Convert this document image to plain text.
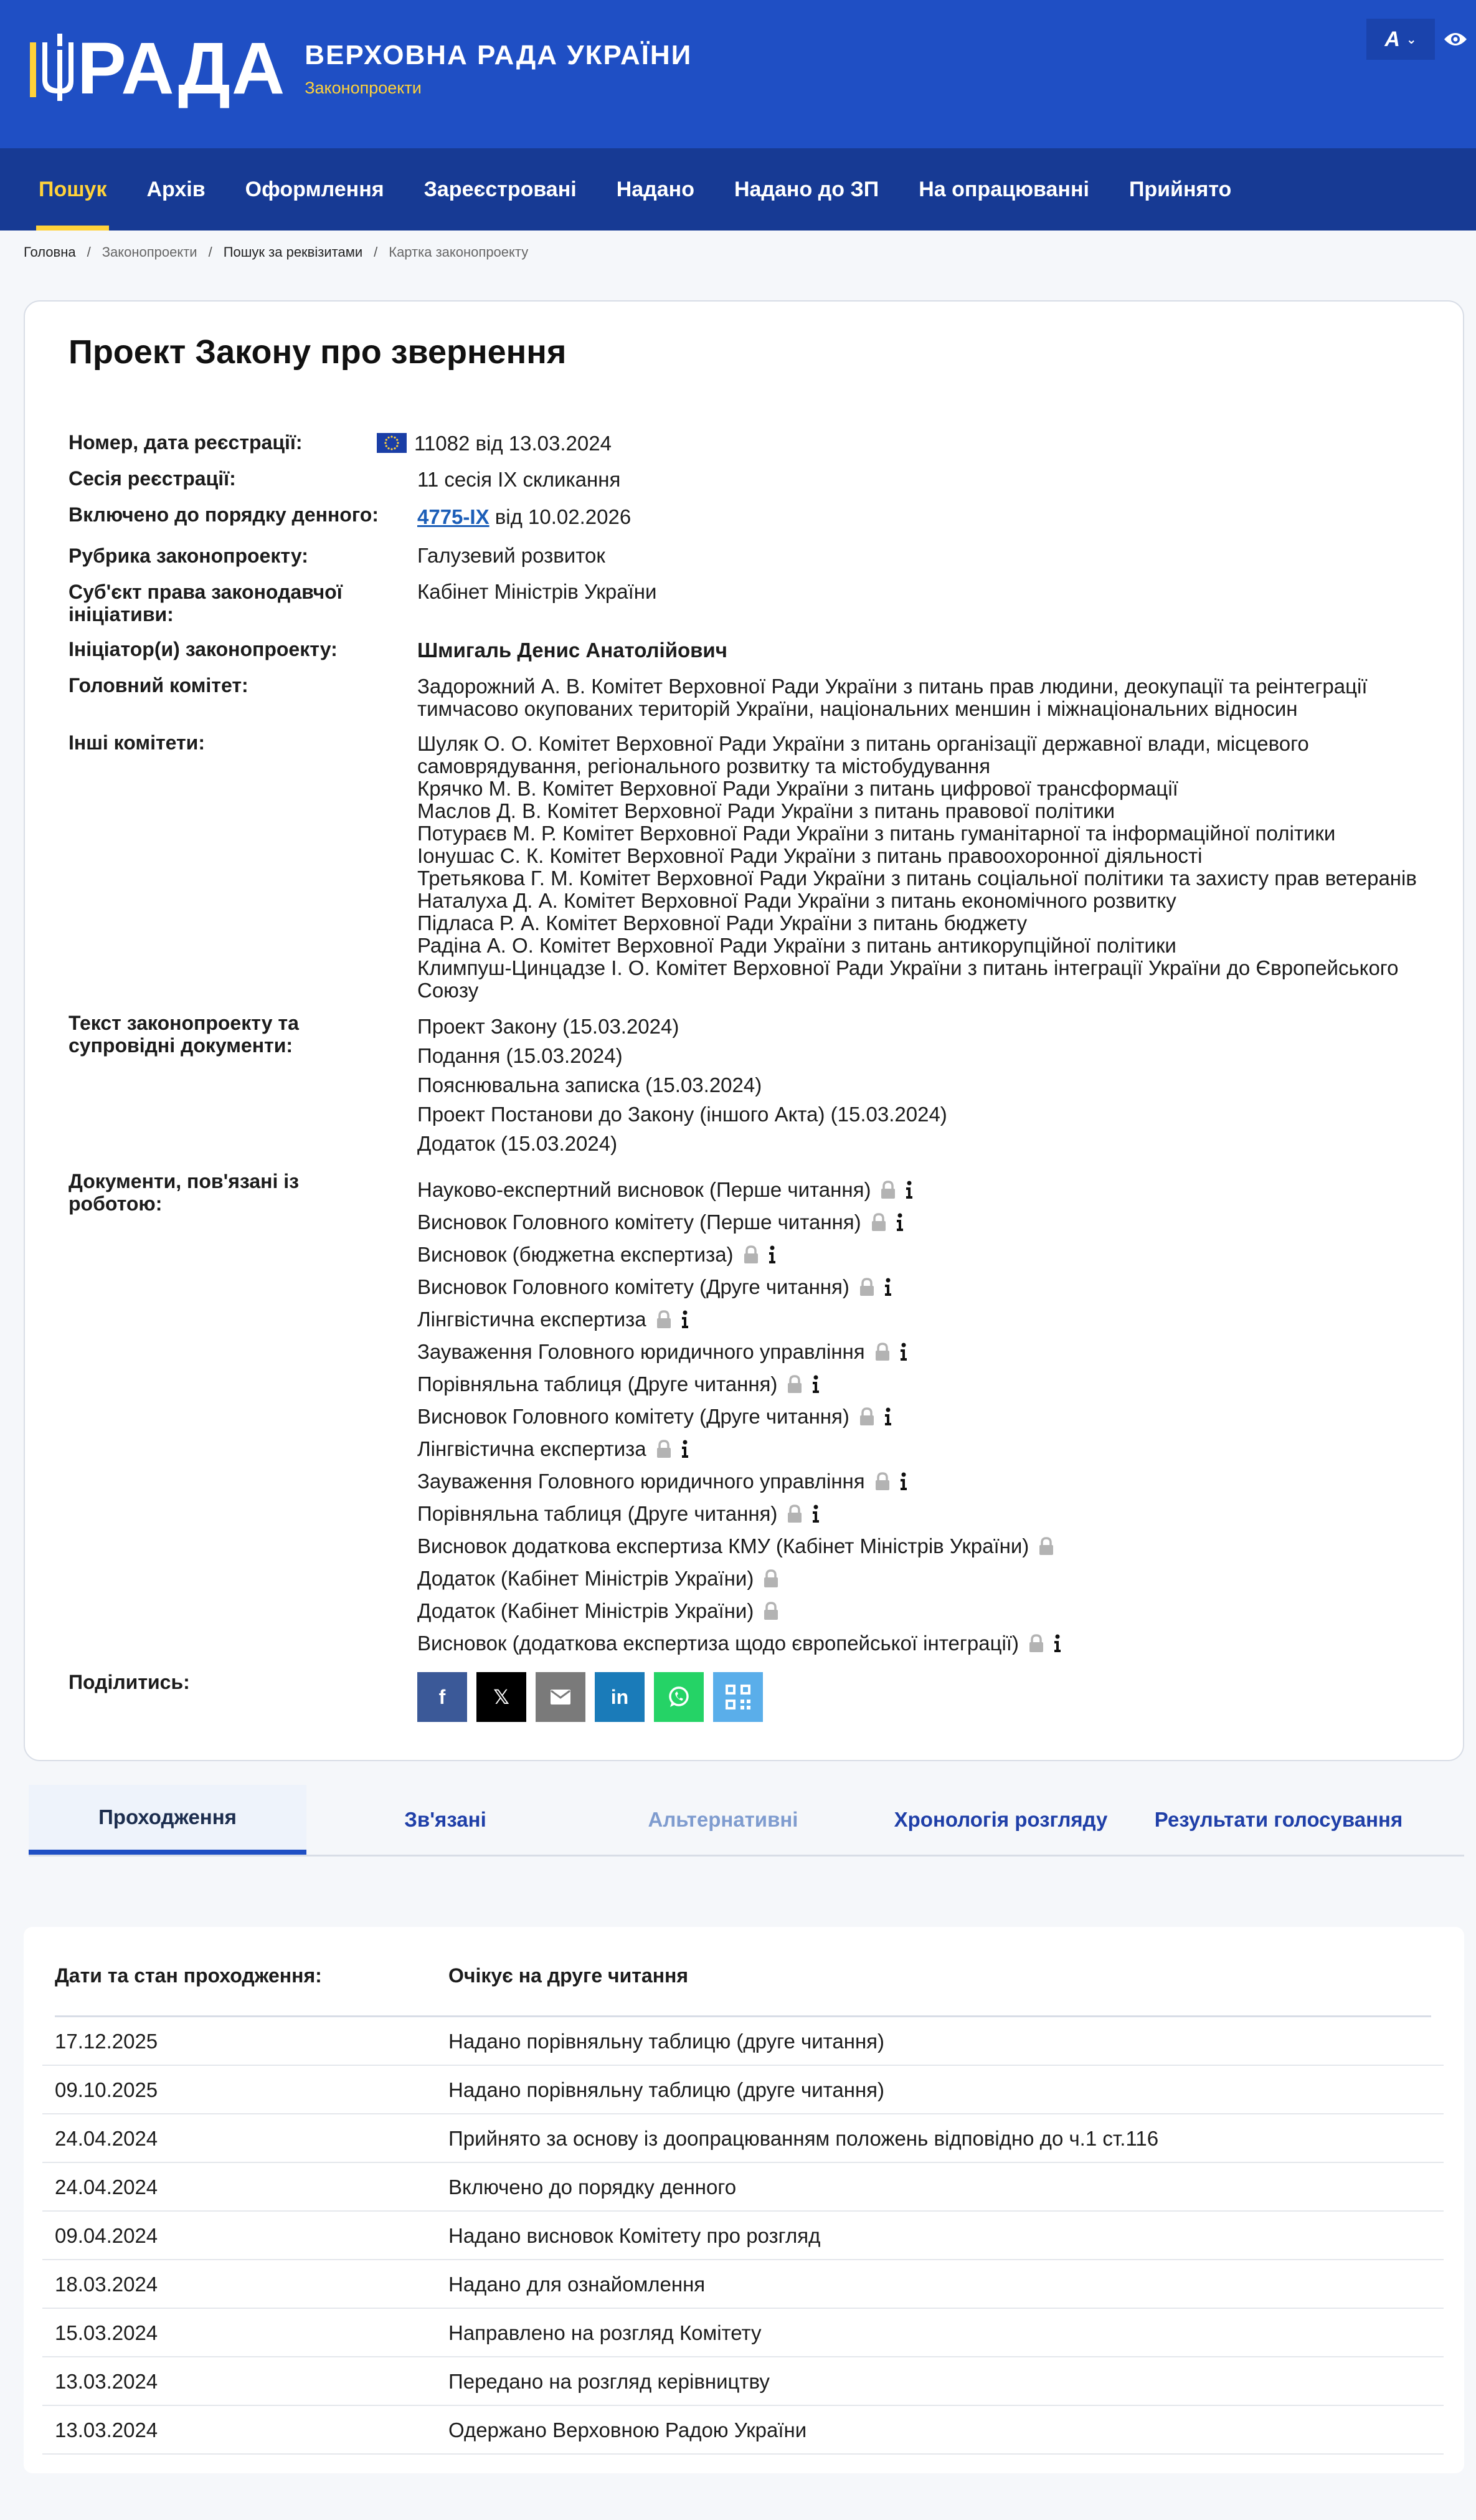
РАДА ВЕРХОВНА РАДА УКРАЇНИ
Законопроекти
A ⌄
Пошук	Архів	Оформлення	Зареєстровані	Надано	Надано до ЗП	На опрацюванні	Прийнято
Головна / Законопроекти / Пошук за реквізитами / Картка законопроекту
Проект Закону про звернення
Номер, дата реєстрації:	11082 від 13.03.2024
Сесія реєстрації:	11 сесія IX скликання
Включено до порядку денного: 4775-IX від 10.02.2026
Рубрика законопроекту:	Галузевий розвиток
Суб'єкт права законодавчої ініціативи:
Кабінет Міністрів України
Ініціатор(и) законопроекту:	Шмигаль Денис Анатолійович
Головний комітет:	Задорожний А. В. Комітет Верховної Ради України з питань прав людини, деокупації та реінтеграції тимчасово окупованих територій України, національних меншин і міжнаціональних відносин
Інші комітети:	Шуляк О. О. Комітет Верховної Ради України з питань організації державної влади, місцевого самоврядування, регіонального розвитку та містобудування
Крячко М. В. Комітет Верховної Ради України з питань цифрової трансформації
Маслов Д. В. Комітет Верховної Ради України з питань правової політики
Потураєв М. Р. Комітет Верховної Ради України з питань гуманітарної та інформаційної політики
Іонушас С. К. Комітет Верховної Ради України з питань правоохоронної діяльності
Третьякова Г. М. Комітет Верховної Ради України з питань соціальної політики та захисту прав ветеранів
Наталуха Д. А. Комітет Верховної Ради України з питань економічного розвитку
Підласа Р. А. Комітет Верховної Ради України з питань бюджету
Радіна А. О. Комітет Верховної Ради України з питань антикорупційної політики
Климпуш-Цинцадзе І. О. Комітет Верховної Ради України з питань інтеграції України до Європейського Союзу
Текст законопроекту та супровідні документи:
Проект Закону (15.03.2024)
Подання (15.03.2024)
Пояснювальна записка (15.03.2024)
Проект Постанови до Закону (іншого Акта) (15.03.2024)
Додаток (15.03.2024)
Документи, пов'язані із роботою:
Науково-експертний висновок (Перше читання)
Висновок Головного комітету (Перше читання)
Висновок (бюджетна експертиза)
Висновок Головного комітету (Друге читання)
Лінгвістична експертиза
Зауваження Головного юридичного управління
Порівняльна таблиця (Друге читання)
Висновок Головного комітету (Друге читання)
Лінгвістична експертиза
Зауваження Головного юридичного управління
Порівняльна таблиця (Друге читання)
Висновок додаткова експертиза КМУ (Кабінет Міністрів України)
Додаток (Кабінет Міністрів України)
Додаток (Кабінет Міністрів України)
Висновок (додаткова експертиза щодо європейської інтеграції)
Поділитись:
f 𝕏	in
Проходження	Зв'язані	Альтернативні	Хронологія розгляду	Результати голосування
Дати та стан проходження:	Очікує на друге читання
17.12.2025	Надано порівняльну таблицю (друге читання)
09.10.2025	Надано порівняльну таблицю (друге читання)
24.04.2024	Прийнято за основу із доопрацюванням положень відповідно до ч.1 ст.116
24.04.2024	Включено до порядку денного
09.04.2024	Надано висновок Комітету про розгляд
18.03.2024	Надано для ознайомлення
15.03.2024	Направлено на розгляд Комітету
13.03.2024	Передано на розгляд керівництву
13.03.2024	Одержано Верховною Радою України
